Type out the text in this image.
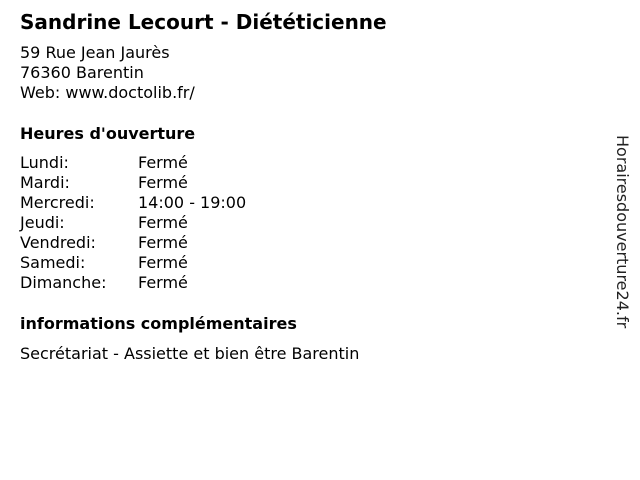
Sandrine Lecourt - Diététicienne
59 Rue Jean Jaurès
76360 Barentin
Web: www.doctolib.fr/
Heures d'ouverture
Lundi:	Fermé
Mardi:	Fermé
Mercredi:	14:00 - 19:00
Jeudi:	Fermé
Vendredi:	Fermé
Samedi:	Fermé
Dimanche: Fermé
informations complémentaires
Secrétariat - Assiette et bien être Barentin
Horairesdouverture24.fr
